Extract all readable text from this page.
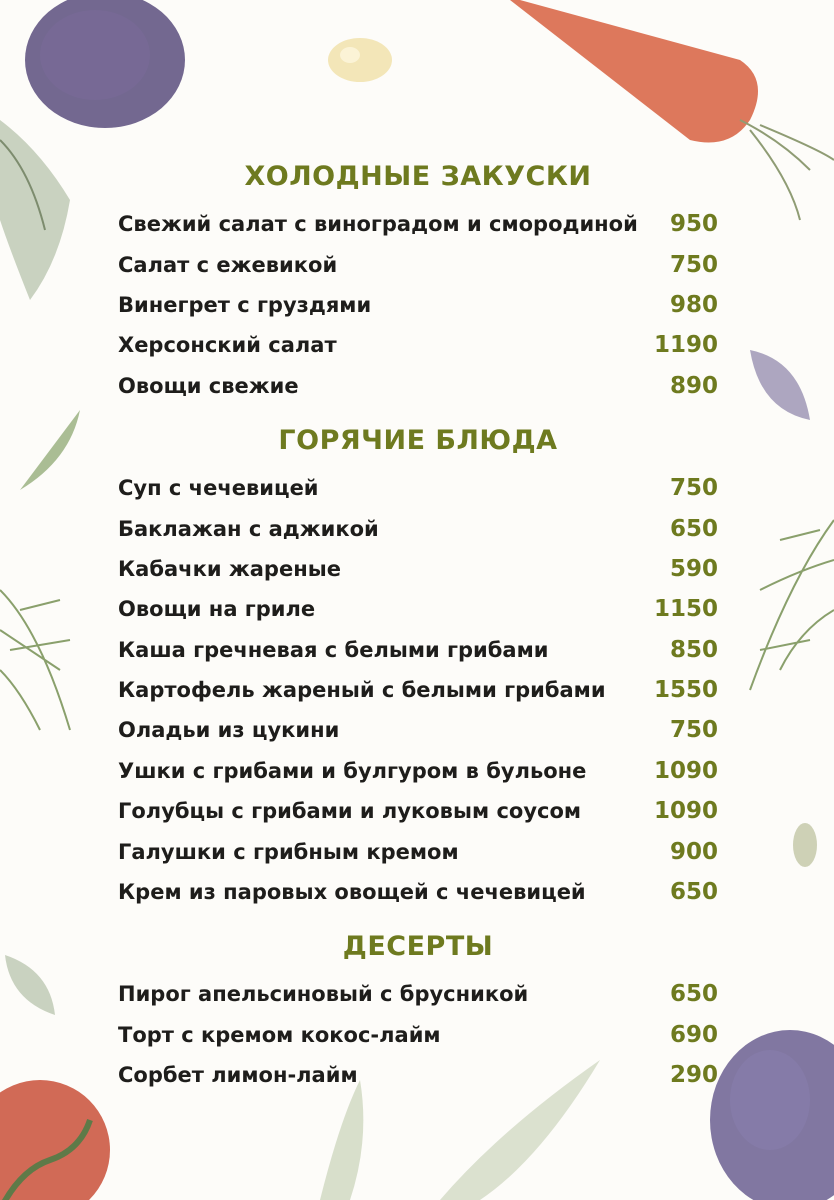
ХОЛОДНЫЕ ЗАКУСКИ
Свежий салат с виноградом и смородиной	950
Салат с ежевикой	750
Винегрет с груздями	980
Херсонский салат	1190
Овощи свежие	890
ГОРЯЧИЕ БЛЮДА
Суп с чечевицей	750
Баклажан с аджикой	650
Кабачки жареные	590
Овощи на гриле	1150
Каша гречневая с белыми грибами	850
Картофель жареный с белыми грибами 1550
Оладьи из цукини	750
Ушки с грибами и булгуром в бульоне	1090
Голубцы с грибами и луковым соусом	1090
Галушки с грибным кремом	900
Крем из паровых овощей с чечевицей	650
ДЕСЕРТЫ
Пирог апельсиновый с брусникой	650
Торт с кремом кокос-лайм	690
Сорбет лимон-лайм	290
